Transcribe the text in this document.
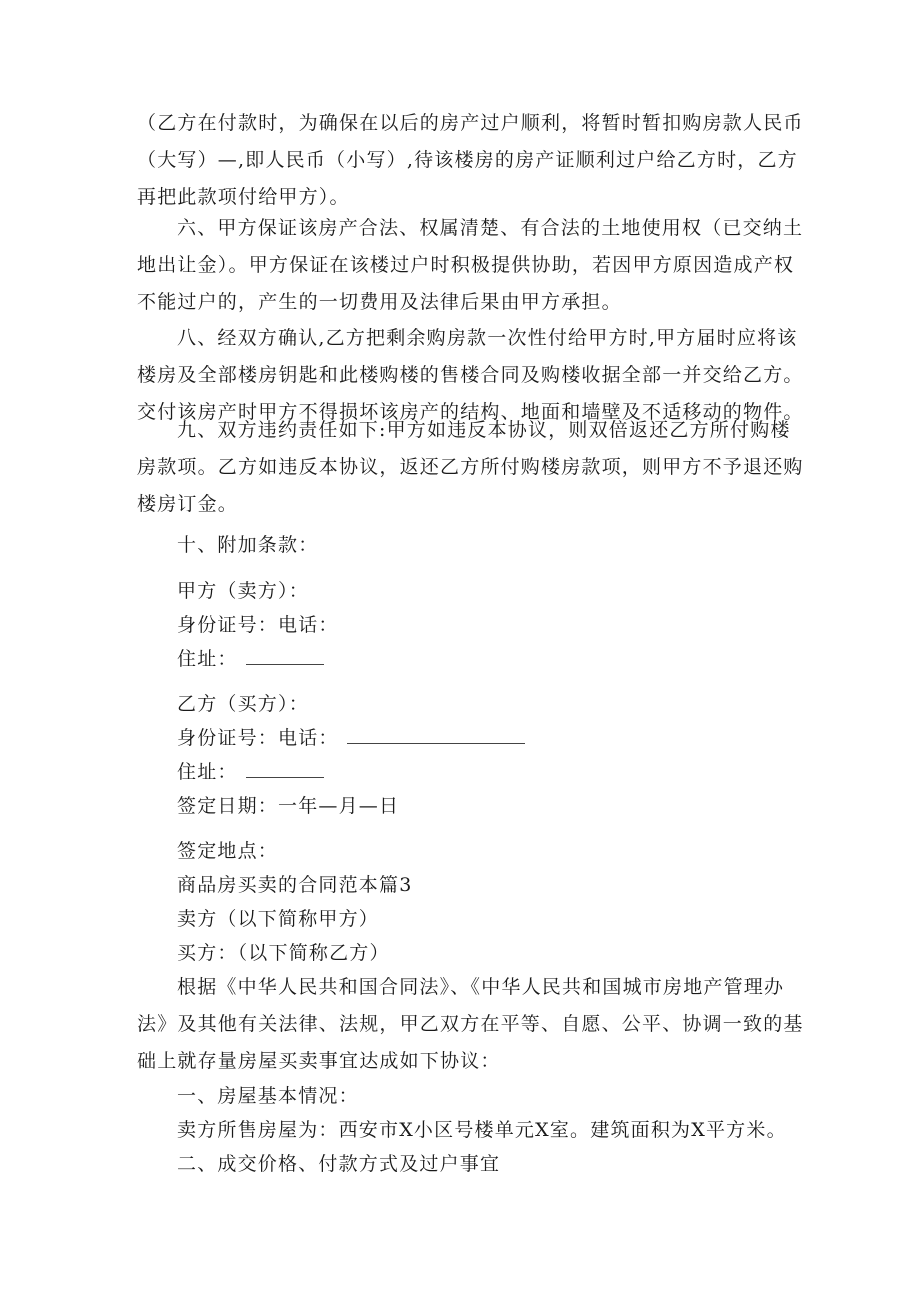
（乙方在付款时，为确保在以后的房产过户顺利，将暂时暂扣购房款人民币
（大写）—,即人民币（小写）,待该楼房的房产证顺利过户给乙方时，乙方
再把此款项付给甲方）。
六、甲方保证该房产合法、权属清楚、有合法的土地使用权（已交纳土
地出让金）。甲方保证在该楼过户时积极提供协助，若因甲方原因造成产权
不能过户的，产生的一切费用及法律后果由甲方承担。
八、经双方确认,乙方把剩余购房款一次性付给甲方时,甲方届时应将该
楼房及全部楼房钥匙和此楼购楼的售楼合同及购楼收据全部一并交给乙方。
交付该房产时甲方不得损坏该房产的结构、地面和墙壁及不适移动的物件。
九、双方违约责任如下:甲方如违反本协议，则双倍返还乙方所付购楼
房款项。乙方如违反本协议，返还乙方所付购楼房款项，则甲方不予退还购
楼房订金。
十、附加条款：
甲方（卖方）：
身份证号：电话：
住址：
乙方（买方）：
身份证号：电话：
住址：
签定日期：一年—月—日
签定地点：
商品房买卖的合同范本篇3
卖方（以下简称甲方）
买方：（以下简称乙方）
根据《中华人民共和国合同法》、《中华人民共和国城市房地产管理办
法》及其他有关法律、法规，甲乙双方在平等、自愿、公平、协调一致的基
础上就存量房屋买卖事宜达成如下协议：
一、房屋基本情况：
卖方所售房屋为：西安市X小区号楼单元X室。建筑面积为X平方米。
二、成交价格、付款方式及过户事宜
